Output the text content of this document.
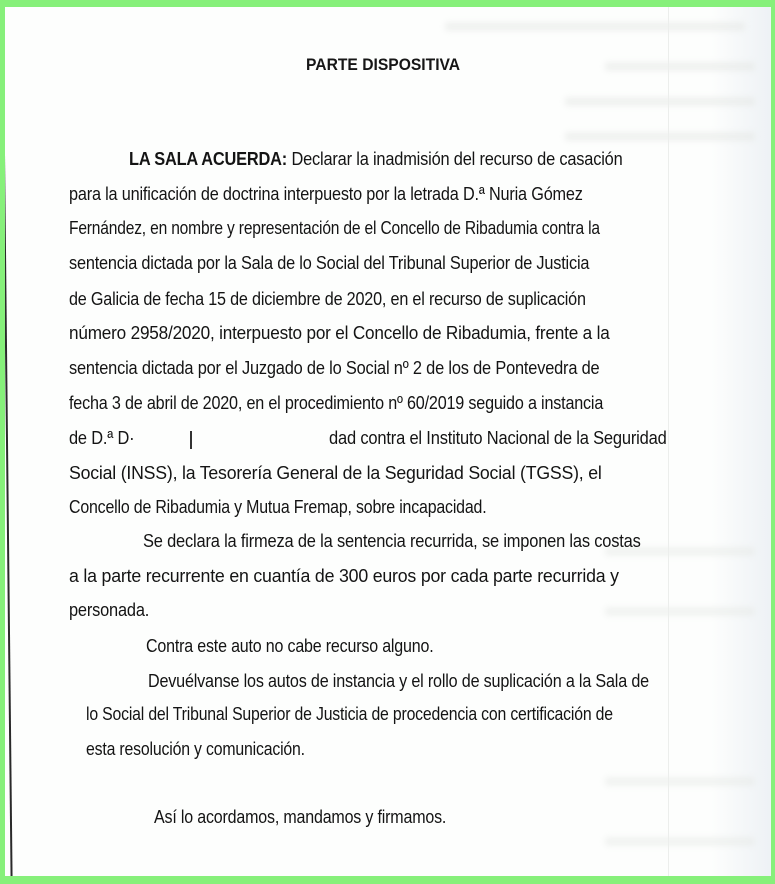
PARTE DISPOSITIVA
LA SALA ACUERDA: Declarar la inadmisión del recurso de casación
para la unificación de doctrina interpuesto por la letrada D.ª Nuria Gómez
Fernández, en nombre y representación de el Concello de Ribadumia contra la
sentencia dictada por la Sala de lo Social del Tribunal Superior de Justicia
de Galicia de fecha 15 de diciembre de 2020, en el recurso de suplicación
número 2958/2020, interpuesto por el Concello de Ribadumia, frente a la
sentencia dictada por el Juzgado de lo Social nº 2 de los de Pontevedra de
fecha 3 de abril de 2020, en el procedimiento nº 60/2019 seguido a instancia
de D.ª D·	dad contra el Instituto Nacional de la Seguridad
Social (INSS), la Tesorería General de la Seguridad Social (TGSS), el
Concello de Ribadumia y Mutua Fremap, sobre incapacidad.
Se declara la firmeza de la sentencia recurrida, se imponen las costas
a la parte recurrente en cuantía de 300 euros por cada parte recurrida y
personada.
Contra este auto no cabe recurso alguno.
Devuélvanse los autos de instancia y el rollo de suplicación a la Sala de
lo Social del Tribunal Superior de Justicia de procedencia con certificación de
esta resolución y comunicación.
Así lo acordamos, mandamos y firmamos.
